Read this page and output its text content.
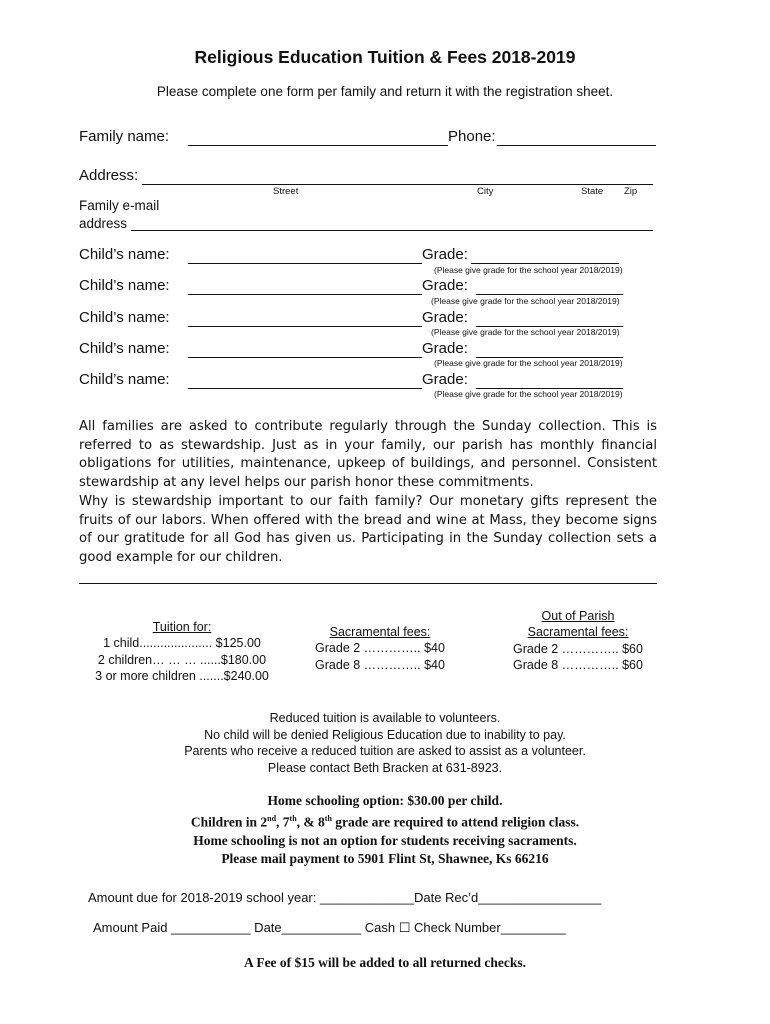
Religious Education Tuition & Fees 2018-2019
Please complete one form per family and return it with the registration sheet.
Family name:	Phone:
Address:
Street	City	State Zip
Family e-mail
address
Child’s name:	Grade:
(Please give grade for the school year 2018/2019)
Child’s name:	Grade:
(Please give grade for the school year 2018/2019)
Child’s name:	Grade:
(Please give grade for the school year 2018/2019)
Child’s name:	Grade:
(Please give grade for the school year 2018/2019)
Child’s name:	Grade:
(Please give grade for the school year 2018/2019)

All families are asked to contribute regularly through the Sunday collection. This is referred to as stewardship. Just as in your family, our parish has monthly financial obligations for utilities, maintenance, upkeep of buildings, and personnel. Consistent stewardship at any level helps our parish honor these commitments.

Why is stewardship important to our faith family? Our monetary gifts represent the fruits of our labors. When offered with the bread and wine at Mass, they become signs of our gratitude for all God has given us. Participating in the Sunday collection sets a good example for our children.

Tuition for:
1 child..................... $125.00
2 children… … … ......$180.00
3 or more children .......$240.00
Sacramental fees:
Grade 2 ………….. $40
Grade 8 ………….. $40
Out of Parish
Sacramental fees:
Grade 2 ………….. $60
Grade 8 ………….. $60
Reduced tuition is available to volunteers.
No child will be denied Religious Education due to inability to pay.
Parents who receive a reduced tuition are asked to assist as a volunteer.
Please contact Beth Bracken at 631-8923.
Home schooling option: $30.00 per child.
Children in 2nd, 7th, & 8th grade are required to attend religion class.
Home schooling is not an option for students receiving sacraments.
Please mail payment to 5901 Flint St, Shawnee, Ks 66216
Amount due for 2018-2019 school year: _____________Date Rec’d_________________
Amount Paid ___________ Date___________ Cash ☐ Check Number_________
A Fee of $15 will be added to all returned checks.
